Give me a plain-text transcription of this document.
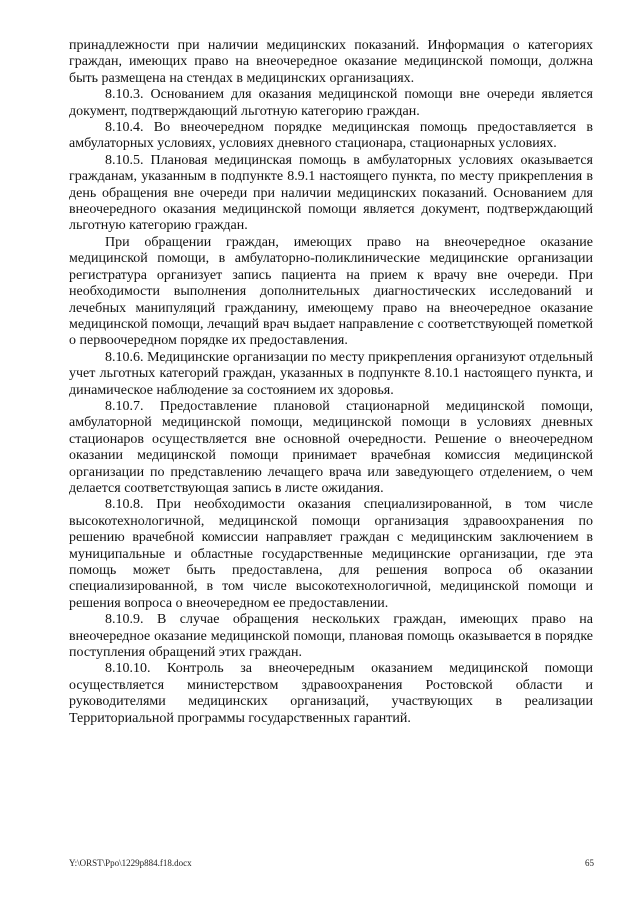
принадлежности при наличии медицинских показаний. Информация о категориях граждан, имеющих право на внеочередное оказание медицинской помощи, должна быть размещена на стендах в медицинских организациях.

8.10.3. Основанием для оказания медицинской помощи вне очереди является документ, подтверждающий льготную категорию граждан.

8.10.4. Во внеочередном порядке медицинская помощь предоставляется в амбулаторных условиях, условиях дневного стационара, стационарных условиях.

8.10.5. Плановая медицинская помощь в амбулаторных условиях оказывается гражданам, указанным в подпункте 8.9.1 настоящего пункта, по месту прикрепления в день обращения вне очереди при наличии медицинских показаний. Основанием для внеочередного оказания медицинской помощи является документ, подтверждающий льготную категорию граждан.

При обращении граждан, имеющих право на внеочередное оказание медицинской помощи, в амбулаторно-поликлинические медицинские организации регистратура организует запись пациента на прием к врачу вне очереди. При необходимости выполнения дополнительных диагностических исследований и лечебных манипуляций гражданину, имеющему право на внеочередное оказание медицинской помощи, лечащий врач выдает направление с соответствующей пометкой о первоочередном порядке их предоставления.

8.10.6. Медицинские организации по месту прикрепления организуют отдельный учет льготных категорий граждан, указанных в подпункте 8.10.1 настоящего пункта, и динамическое наблюдение за состоянием их здоровья.

8.10.7. Предоставление плановой стационарной медицинской помощи, амбулаторной медицинской помощи, медицинской помощи в условиях дневных стационаров осуществляется вне основной очередности. Решение о внеочередном оказании медицинской помощи принимает врачебная комиссия медицинской организации по представлению лечащего врача или заведующего отделением, о чем делается соответствующая запись в листе ожидания.

8.10.8. При необходимости оказания специализированной, в том числе высокотехнологичной, медицинской помощи организация здравоохранения по решению врачебной комиссии направляет граждан с медицинским заключением в муниципальные и областные государственные медицинские организации, где эта помощь может быть предоставлена, для решения вопроса об оказании специализированной, в том числе высокотехнологичной, медицинской помощи и решения вопроса о внеочередном ее предоставлении.

8.10.9. В случае обращения нескольких граждан, имеющих право на внеочередное оказание медицинской помощи, плановая помощь оказывается в порядке поступления обращений этих граждан.

8.10.10. Контроль за внеочередным оказанием медицинской помощи осуществляется министерством здравоохранения Ростовской области и руководителями медицинских организаций, участвующих в реализации Территориальной программы государственных гарантий.

Y:\ORST\Ppo\1229p884.f18.docx	65
